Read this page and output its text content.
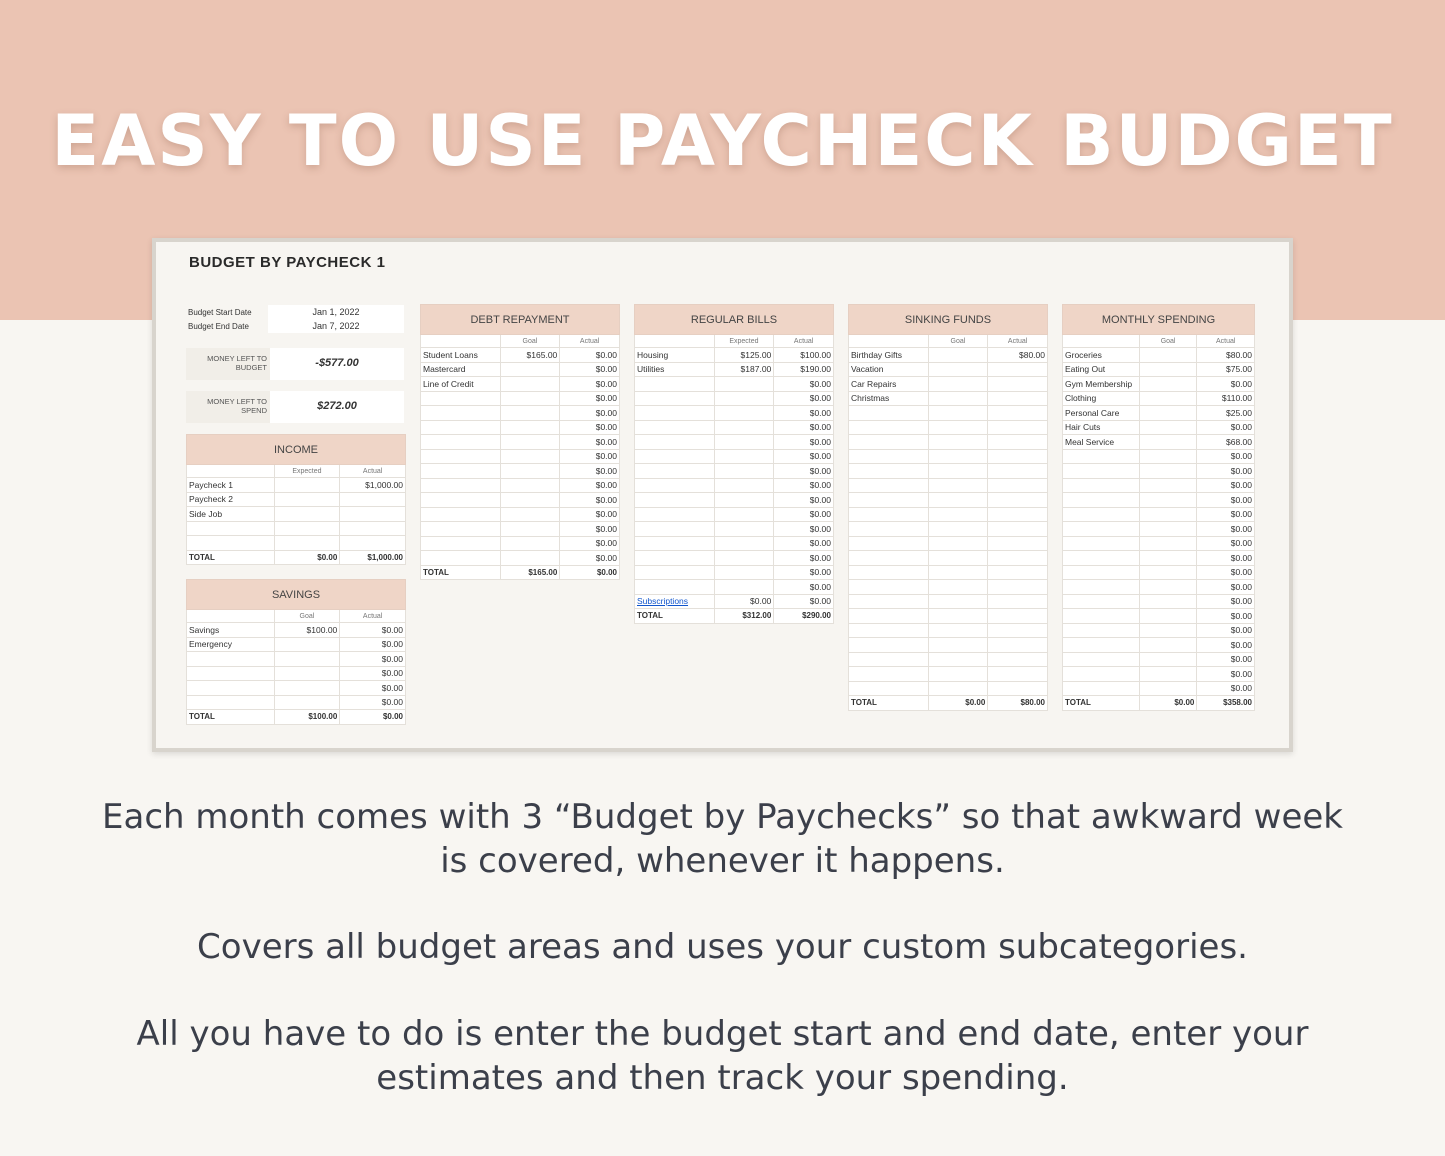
EASY TO USE PAYCHECK BUDGET
BUDGET BY PAYCHECK 1
Budget Start Date	Jan 1, 2022
Budget End Date	Jan 7, 2022
MONEY LEFT TO BUDGET	-$577.00
MONEY LEFT TO SPEND	$272.00
INCOME		
	Expected	Actual
Paycheck 1		$1,000.00
Paycheck 2		
Side Job		

TOTAL	$0.00	$1,000.00
SAVINGS		
	Goal	Actual
Savings	$100.00	$0.00
Emergency		$0.00
		$0.00
		$0.00
		$0.00
		$0.00
TOTAL	$100.00	$0.00
DEBT REPAYMENT		
	Goal	Actual
Student Loans	$165.00	$0.00
Mastercard		$0.00
Line of Credit		$0.00
		$0.00
		$0.00
		$0.00
		$0.00
		$0.00
		$0.00
		$0.00
		$0.00
		$0.00
		$0.00
		$0.00
		$0.00
TOTAL	$165.00	$0.00
REGULAR BILLS		
	Expected	Actual
Housing	$125.00	$100.00
Utilities	$187.00	$190.00
		$0.00
		$0.00
		$0.00
		$0.00
		$0.00
		$0.00
		$0.00
		$0.00
		$0.00
		$0.00
		$0.00
		$0.00
		$0.00
		$0.00
		$0.00
Subscriptions	$0.00	$0.00
TOTAL	$312.00	$290.00
SINKING FUNDS		
	Goal	Actual
Birthday Gifts		$80.00
Vacation		
Car Repairs		
Christmas		

TOTAL	$0.00	$80.00
MONTHLY SPENDING		
	Goal	Actual
Groceries		$80.00
Eating Out		$75.00
Gym Membership		$0.00
Clothing		$110.00
Personal Care		$25.00
Hair Cuts		$0.00
Meal Service		$68.00
		$0.00
		$0.00
		$0.00
		$0.00
		$0.00
		$0.00
		$0.00
		$0.00
		$0.00
		$0.00
		$0.00
		$0.00
		$0.00
		$0.00
		$0.00
		$0.00
		$0.00
TOTAL	$0.00	$358.00
Each month comes with 3 “Budget by Paychecks” so that awkward week
is covered, whenever it happens.
Covers all budget areas and uses your custom subcategories.
All you have to do is enter the budget start and end date, enter your
estimates and then track your spending.
